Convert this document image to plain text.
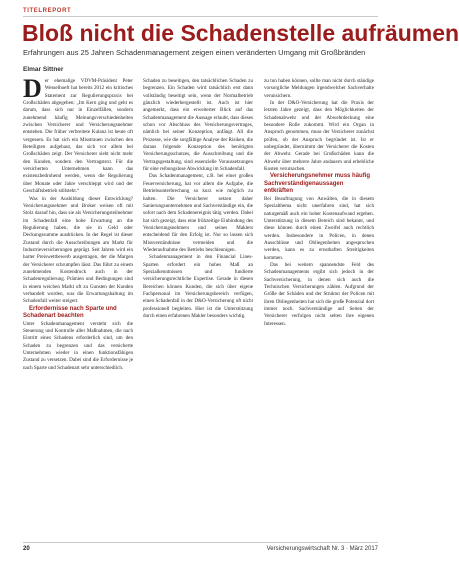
TITELREPORT
Bloß nicht die Schadenstelle aufräumen
Erfahrungen aus 25 Jahren Schadenmanagement zeigen einen veränderten Umgang mit Großbränden
Elmar Sittner

Der ehemalige VDVM-Präsident Peter Wesselhoeft hat bereits 2012 ein kritisches Statement zur Regulierungspraxis bei Großschäden abgegeben: „Im Kern ging und geht es darum, dass sich nur in Einzelfällen, sondern zunehmend häufig Meinungsverschiedenheiten zwischen Versicherer und Versicherungsnehmer entstehen. Die früher verbreitete Kulanz ist heute oft vergessen. Es hat sich ein Misstrauen zwischen den Beteiligten aufgebaut, das sich vor allem bei Großschäden zeigt. Der Versicherer sieht nicht mehr den Kunden, sondern den Vertragstext. Für die versicherten Unternehmen kann das existenzbedrohend werden, wenn die Regulierung über Monate oder Jahre verschleppt wird und der Geschäftsbetrieb stillsteht.“

Was in der Ausbildung dieser Entwicklung? Versicherungsnehmer und Broker weisen oft mit Stolz darauf hin, dass sie als Versicherungsteilnehmer im Schadenfall eine hohe Erwartung an die Regulierung haben, die sie in Geld oder Deckungssumme ausdrücken. In der Regel ist dieser Zustand durch die Ausschreibungen am Markt für Industrieversicherungen geprägt. Seit Jahren wird ein harter Preiswettbewerb ausgetragen, der die Margen der Versicherer schrumpfen lässt. Das führt zu einem zunehmenden Kostendruck auch in der Schadenregulierung. Prämien und Bedingungen sind in einem weichen Markt oft zu Gunsten der Kunden verhandelt worden, was die Erwartungshaltung im Schadenfall weiter steigert.

Erfordernisse nach Sparte und Schadenart beachten

Unter Schadenmanagement versteht sich die Steuerung und Kontrolle aller Maßnahmen, die nach Eintritt eines Schadens erforderlich sind, um den Schaden zu begrenzen und das versicherte Unternehmen wieder in einen funktionsfähigen Zustand zu versetzen. Dabei sind die Erfordernisse je nach Sparte und Schadenart sehr unterschiedlich.

Schaden zu beseitigen, den tatsächlichen Schaden zu begrenzen. Ein Schaden wird tatsächlich erst dann vollständig beseitigt sein, wenn der Normalbetrieb gänzlich wiederhergestellt ist. Auch ist hier angemerkt, dass ein erweiterter Blick auf das Schadenmanagement die Aussage erlaubt, dass dieses schon vor Abschluss des Versicherungsvertrages, nämlich bei seiner Konzeption, anfängt. All die Prozesse, wie die sorgfältige Analyse der Risiken, die daraus folgende Konzeption des benötigten Versicherungsschutzes, die Ausschreibung und die Vertragsgestaltung, sind essenzielle Voraussetzungen für eine reibungslose Abwicklung im Schadenfall.

Das Schadenmanagement, z.B. bei einer großen Feuerversicherung, hat vor allem die Aufgabe, die Betriebsunterbrechung so kurz wie möglich zu halten. Die Versicherer setzen daher Sanierungsunternehmen und Sachverständige ein, die sofort nach dem Schadenereignis tätig werden. Dabei hat sich gezeigt, dass eine frühzeitige Einbindung des Versicherungsnehmers und seines Maklers entscheidend für den Erfolg ist. Nur so lassen sich Missverständnisse vermeiden und die Wiederaufnahme des Betriebs beschleunigen.

Schadenmanagement in den Financial Lines-Sparten erfordert ein hohes Maß an Spezialkenntnissen und fundierte versicherungsrechtliche Expertise. Gerade in diesen Bereichen können Kunden, die sich über eigene Fachpersonal im Versicherungsbereich verfügen, einen Schadenfall in der D&O-Versicherung oft nicht professionell begleiten. Hier ist die Unterstützung durch einen erfahrenen Makler besonders wichtig.

zu tun haben können, sollte man nicht durch ständige vorsorgliche Meldungen irgendwelcher Sachverhalte verunsichern.

In der D&O-Versicherung hat die Praxis der letzten Jahre gezeigt, dass den Möglichkeiten der Schadenabwehr und der Abwehrdeckung eine besondere Rolle zukommt. Wird ein Organ in Anspruch genommen, muss der Versicherer zunächst prüfen, ob der Anspruch begründet ist. Ist er unbegründet, übernimmt der Versicherer die Kosten der Abwehr. Gerade bei Großschäden kann die Abwehr über mehrere Jahre andauern und erhebliche Kosten verursachen.

Versicherungsnehmer muss häufig Sachverständigenaussagen entkräften

Bei Beauftragung von Anwälten, die in diesem Spezialthema nicht unerfahren sind, hat sich naturgemäß auch ein hoher Kostenaufwand ergeben. Unterstützung in diesem Bereich sind bekannt, und diese können durch einen Zweifel auch rechtlich werden. Insbesondere in Policen, in denen Ausschlüsse und Obliegenheiten angesprochen werden, kann es zu ernsthaften Streitigkeiten kommen.

Das bei weitem spannendste Feld des Schadenmanagements ergibt sich jedoch in der Sachversicherung, in denen sich auch die Technischen Versicherungen zählen. Aufgrund der Größe der Schäden und der Struktur der Policen mit ihren Obliegenheiten hat sich die große Potenzial dort immer noch. Sachverständige auf Seiten der Versicherer verfolgen nicht selten ihre eigenen Interessen.

20	Versicherungswirtschaft Nr. 3 · März 2017
